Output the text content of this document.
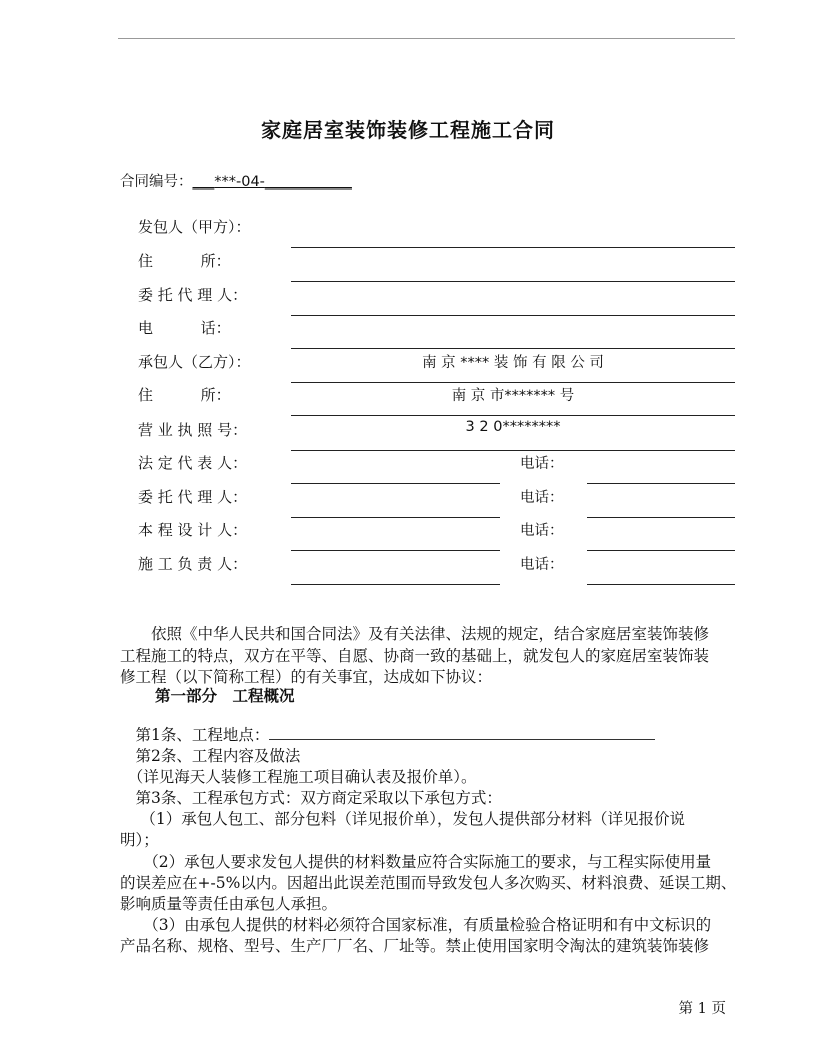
家庭居室装饰装修工程施工合同
合同编号：___***-04-____________
发包人（甲方）：
住          所：
委 托 代 理 人：
电          话：
承包人（乙方）：	南 京 **** 装 饰 有 限 公 司
住          所：	南 京 市******* 号
营 业 执 照 号：	3 2 0********
法 定 代 表 人：	电话：
委 托 代 理 人：	电话：
本 程 设 计 人：	电话：
施 工 负 责 人：	电话：
　　依照《中华人民共和国合同法》及有关法律、法规的规定，结合家庭居室装饰装修
工程施工的特点，双方在平等、自愿、协商一致的基础上，就发包人的家庭居室装饰装
修工程（以下简称工程）的有关事宜，达成如下协议：
第一部分　工程概况
　第1条、工程地点：
　第2条、工程内容及做法
　（详见海天人装修工程施工项目确认表及报价单）。
　第3条、工程承包方式：双方商定采取以下承包方式：
　 （1）承包人包工、部分包料（详见报价单），发包人提供部分材料（详见报价说
明）；
　　（2）承包人要求发包人提供的材料数量应符合实际施工的要求，与工程实际使用量
的误差应在+-5%以内。因超出此误差范围而导致发包人多次购买、材料浪费、延误工期、
影响质量等责任由承包人承担。
　　（3）由承包人提供的材料必须符合国家标准，有质量检验合格证明和有中文标识的
产品名称、规格、型号、生产厂厂名、厂址等。禁止使用国家明令淘汰的建筑装饰装修
第 1 页
